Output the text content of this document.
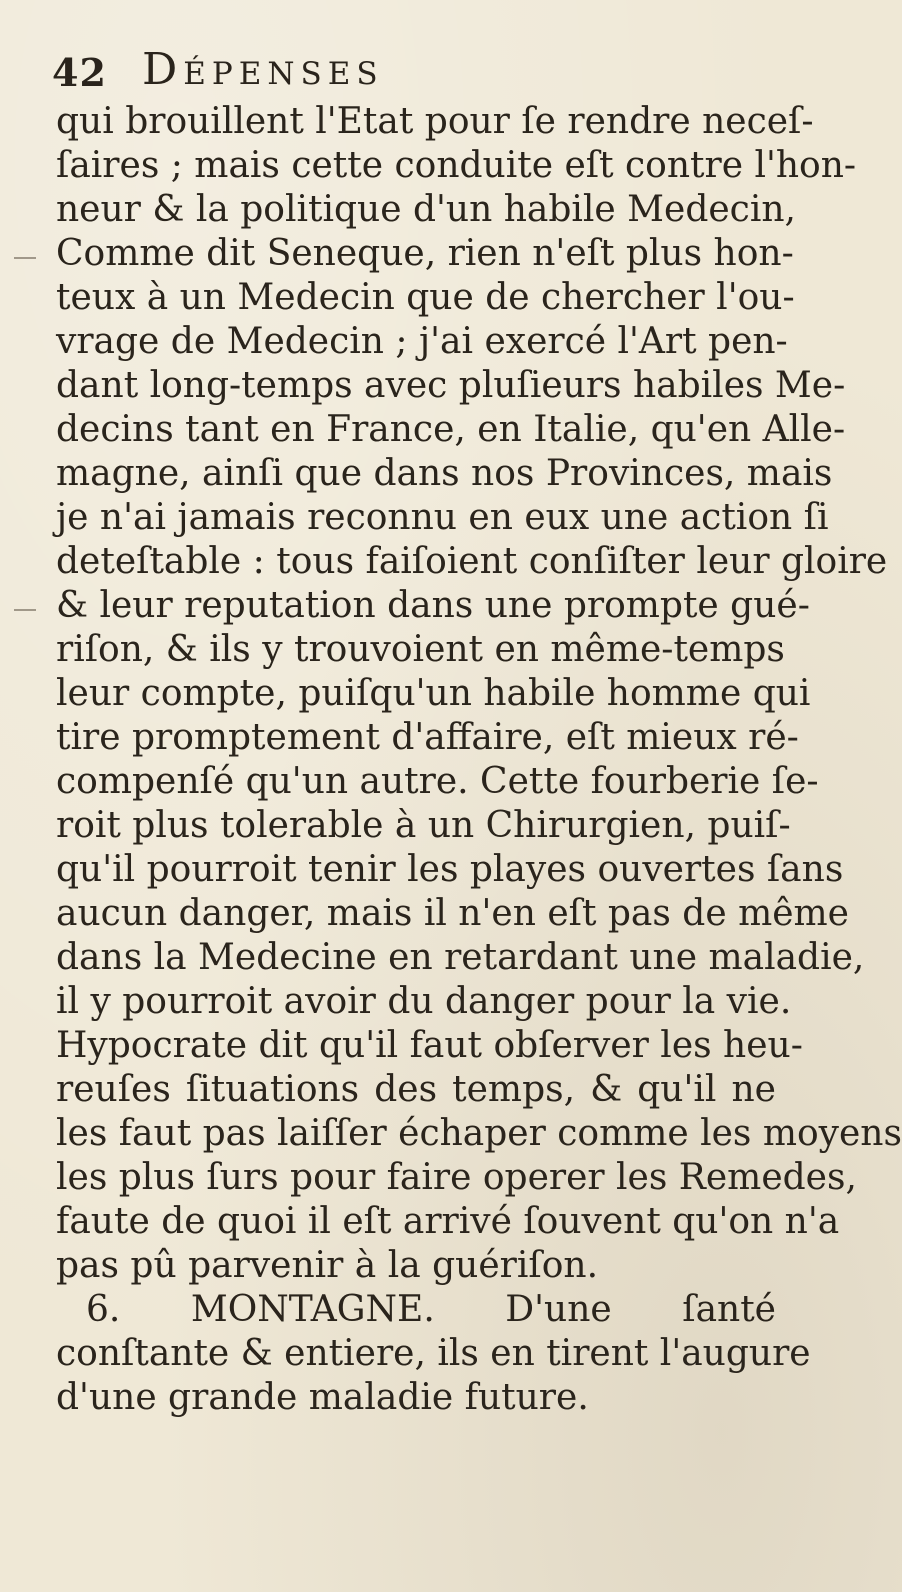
42 Dépenses
qui brouillent l'Etat pour ſe rendre neceſ-
ſaires ; mais cette conduite eſt contre l'hon-
neur & la politique d'un habile Medecin,
Comme dit Seneque, rien n'eſt plus hon-
teux à un Medecin que de chercher l'ou-
vrage de Medecin ; j'ai exercé l'Art pen-
dant long-temps avec pluſieurs habiles Me-
decins tant en France, en Italie, qu'en Alle-
magne, ainſi que dans nos Provinces, mais
je n'ai jamais reconnu en eux une action ſi
deteſtable : tous faiſoient conſiſter leur gloire
& leur reputation dans une prompte gué-
riſon, & ils y trouvoient en même-temps
leur compte, puiſqu'un habile homme qui
tire promptement d'affaire, eſt mieux ré-
compenſé qu'un autre. Cette fourberie ſe-
roit plus tolerable à un Chirurgien, puiſ-
qu'il pourroit tenir les playes ouvertes ſans
aucun danger, mais il n'en eſt pas de même
dans la Medecine en retardant une maladie,
il y pourroit avoir du danger pour la vie.
Hypocrate dit qu'il faut obſerver les heu-
reuſes ſituations des temps, & qu'il ne
les faut pas laiſſer échaper comme les moyens
les plus ſurs pour faire operer les Remedes,
faute de quoi il eſt arrivé ſouvent qu'on n'a
pas pû parvenir à la guériſon.
6. MONTAGNE. D'une ſanté
conſtante & entiere, ils en tirent l'augure
d'une grande maladie future.
